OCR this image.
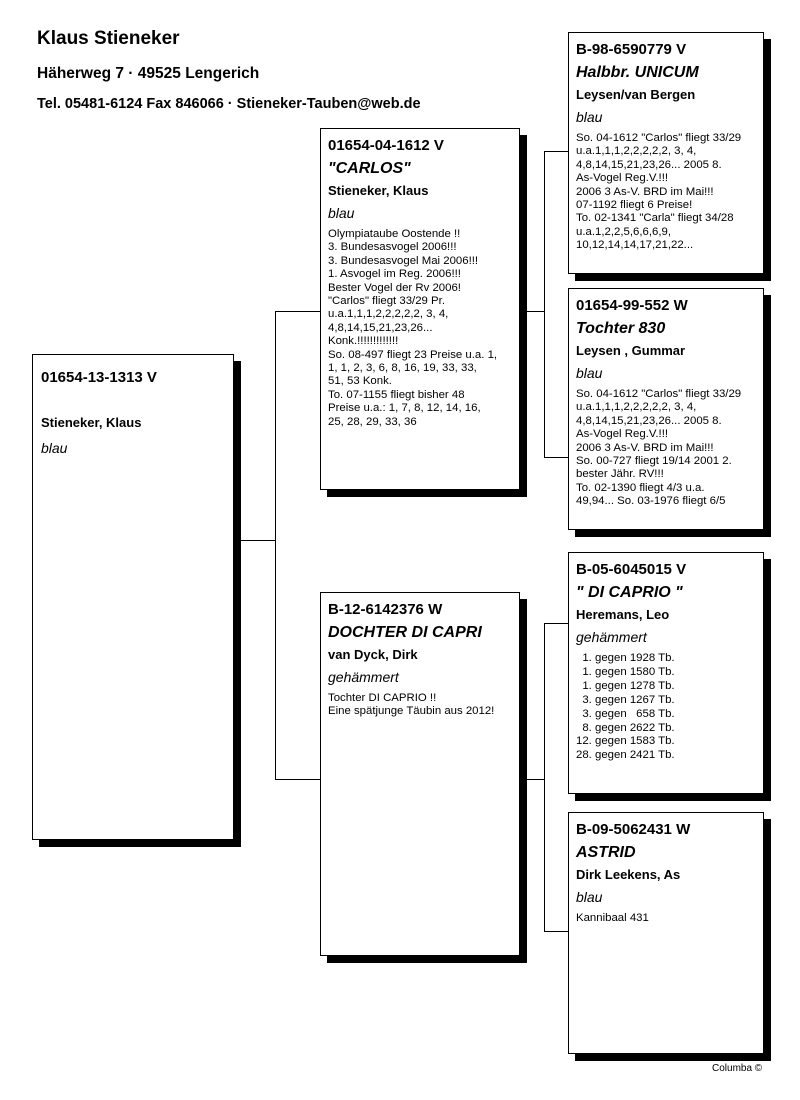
Klaus Stieneker
Häherweg 7 · 49525 Lengerich
Tel. 05481-6124 Fax 846066 · Stieneker-Tauben@web.de
01654-13-1313 V
Stieneker, Klaus
blau
01654-04-1612 V
"CARLOS"
Stieneker, Klaus
blau
Olympiataube Oostende !!
3. Bundesasvogel 2006!!!
3. Bundesasvogel Mai 2006!!!
1. Asvogel im Reg. 2006!!!
Bester Vogel der Rv 2006!
"Carlos" fliegt 33/29 Pr.
u.a.1,1,1,2,2,2,2,2, 3, 4,
4,8,14,15,21,23,26...
Konk.!!!!!!!!!!!!!
So. 08-497 fliegt 23 Preise u.a. 1,
1, 1, 2, 3, 6, 8, 16, 19, 33, 33,
51, 53 Konk.
To. 07-1155 fliegt bisher 48
Preise u.a.: 1, 7, 8, 12, 14, 16,
25, 28, 29, 33, 36
B-12-6142376 W
DOCHTER DI CAPRI
van Dyck, Dirk
gehämmert
Tochter DI CAPRIO !!
Eine spätjunge Täubin aus 2012!
B-98-6590779 V
Halbbr. UNICUM
Leysen/van Bergen
blau
So. 04-1612 "Carlos" fliegt 33/29
u.a.1,1,1,2,2,2,2,2, 3, 4,
4,8,14,15,21,23,26... 2005 8.
As-Vogel Reg.V.!!!
2006 3 As-V. BRD im Mai!!!
07-1192 fliegt 6 Preise!
To. 02-1341 "Carla" fliegt 34/28
u.a.1,2,2,5,6,6,6,9,
10,12,14,14,17,21,22...
01654-99-552 W
Tochter 830
Leysen , Gummar
blau
So. 04-1612 "Carlos" fliegt 33/29
u.a.1,1,1,2,2,2,2,2, 3, 4,
4,8,14,15,21,23,26... 2005 8.
As-Vogel Reg.V.!!!
2006 3 As-V. BRD im Mai!!!
So. 00-727 fliegt 19/14 2001 2.
bester Jähr. RV!!!
To. 02-1390 fliegt 4/3 u.a.
49,94... So. 03-1976 fliegt 6/5
B-05-6045015 V
" DI CAPRIO "
Heremans, Leo
gehämmert
1. gegen 1928 Tb.
1. gegen 1580 Tb.
1. gegen 1278 Tb.
3. gegen 1267 Tb.
3. gegen   658 Tb.
8. gegen 2622 Tb.
12. gegen 1583 Tb.
28. gegen 2421 Tb.
B-09-5062431 W
ASTRID
Dirk Leekens, As
blau
Kannibaal 431
Columba ©
